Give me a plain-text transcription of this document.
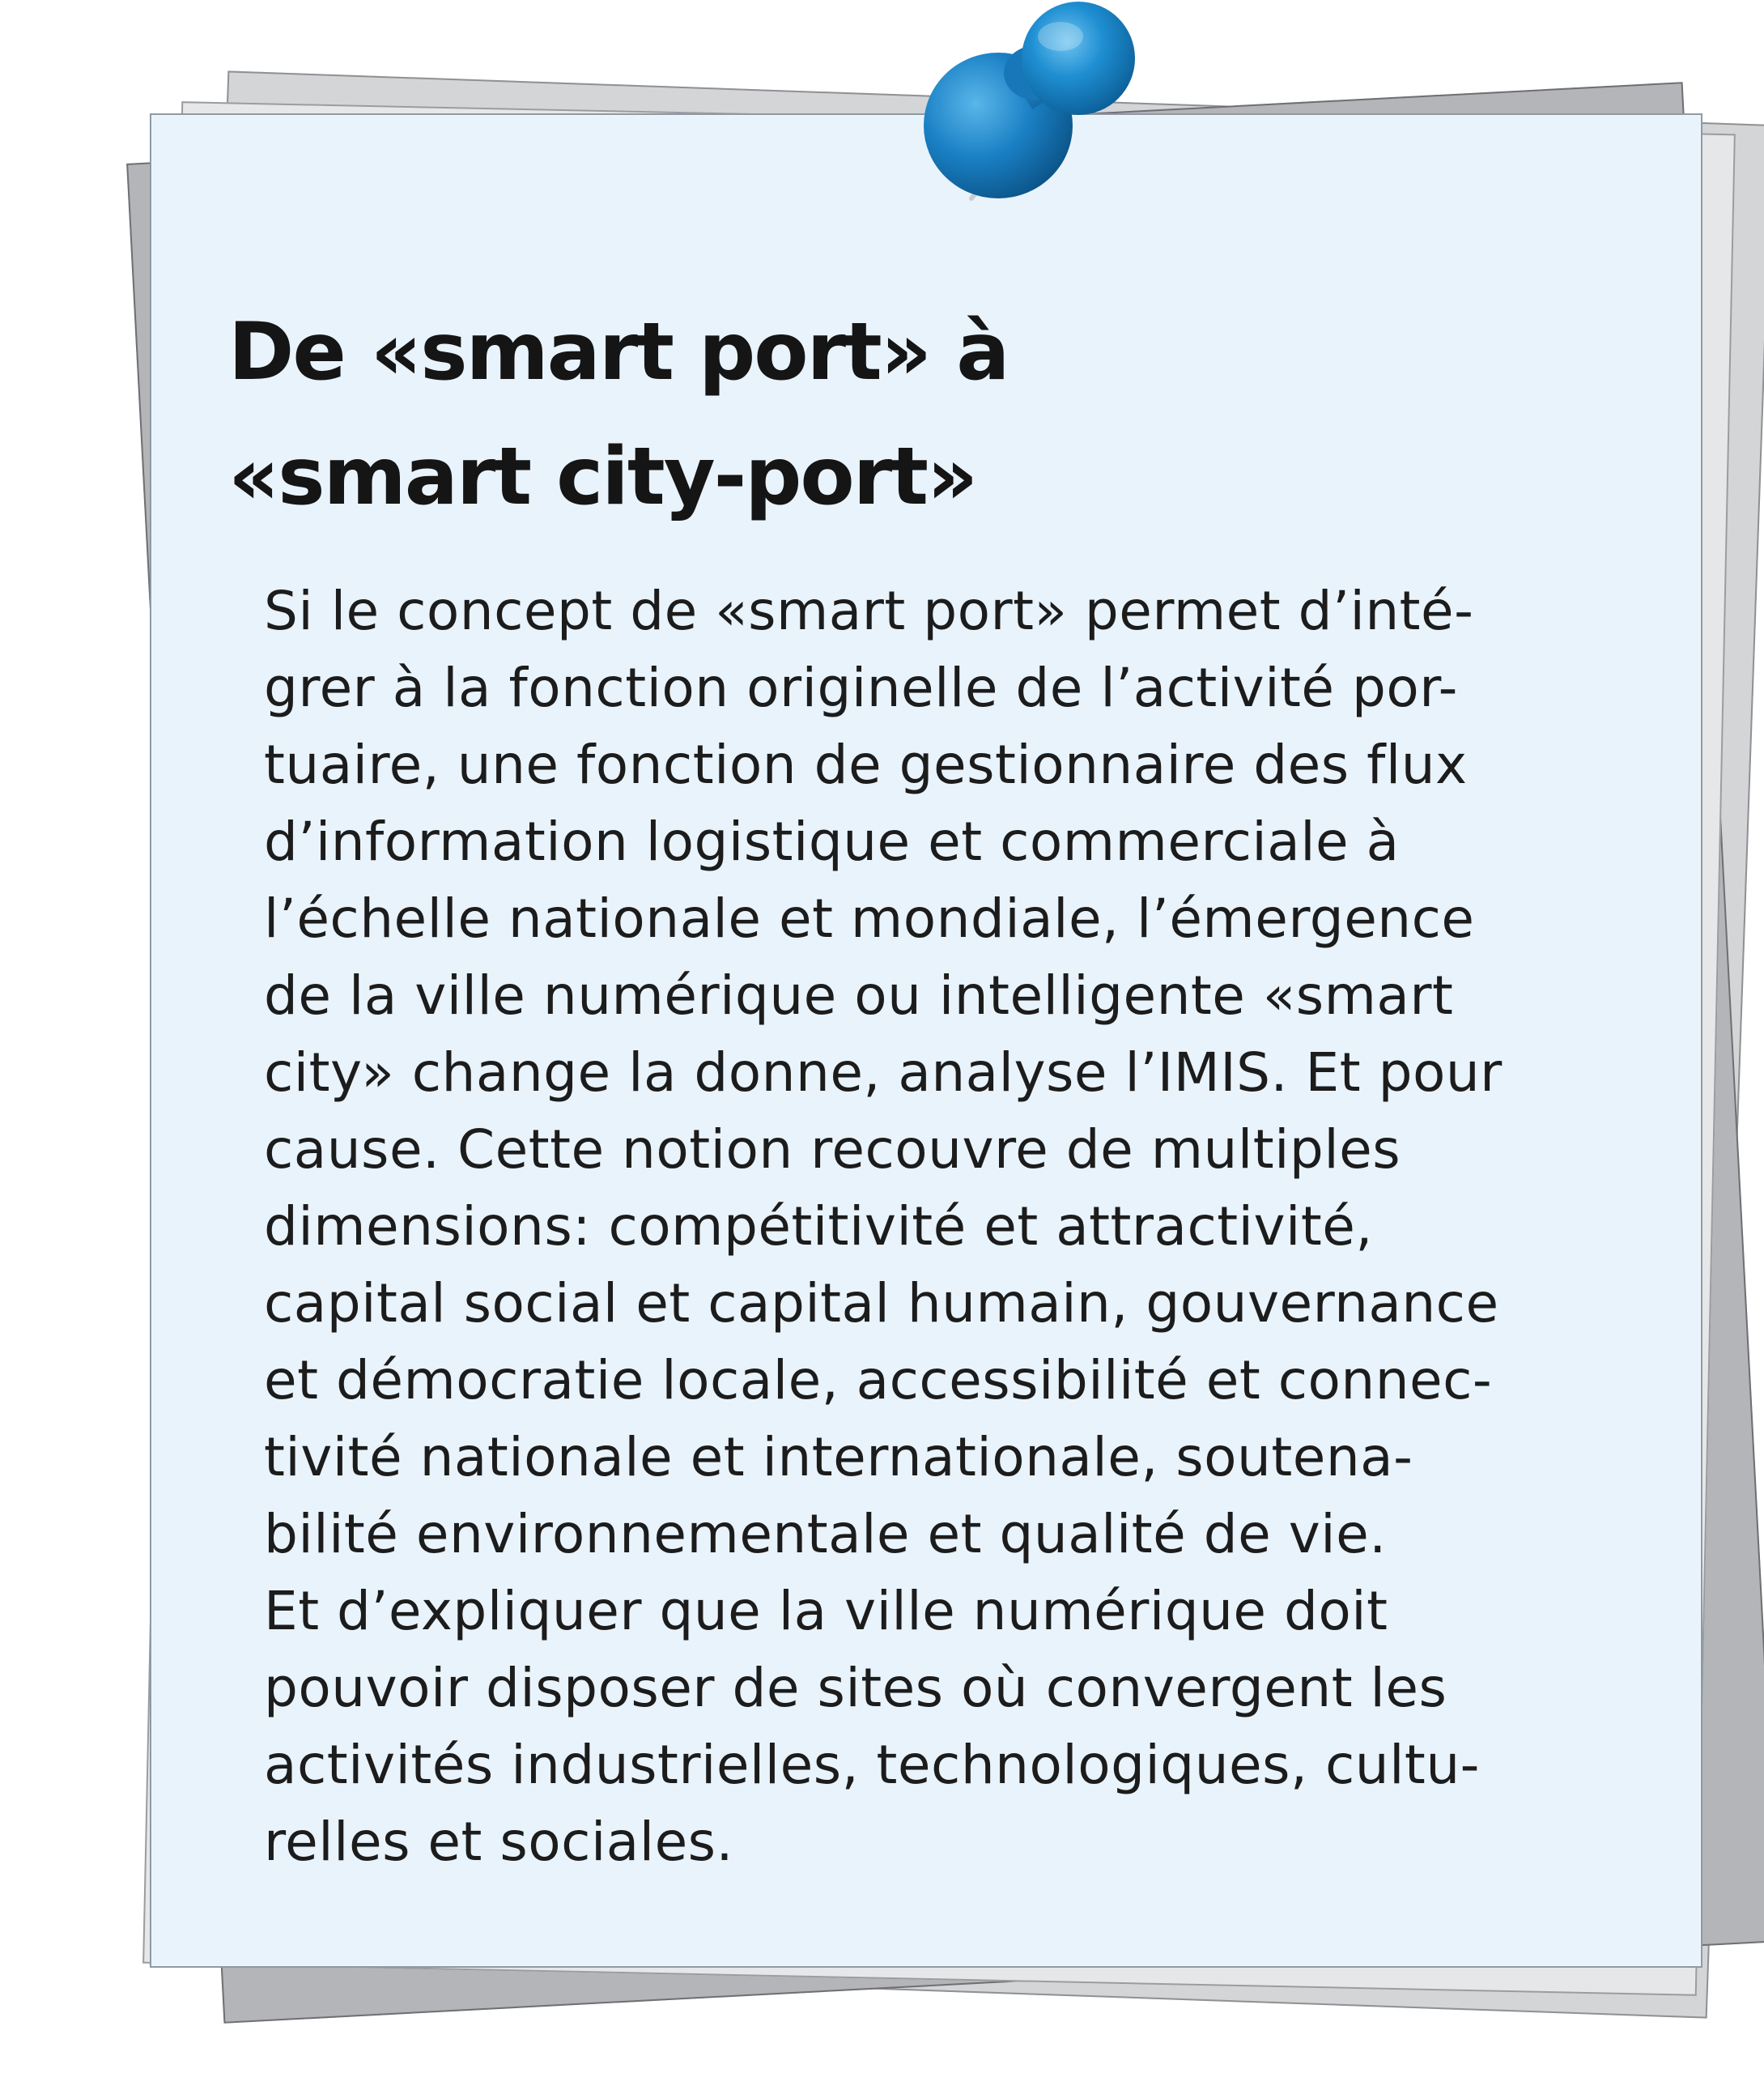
De «smart port» à
«smart city-port»
Si le concept de «smart port» permet d’inté-
grer à la fonction originelle de l’activité por-
tuaire, une fonction de gestionnaire des flux
d’information logistique et commerciale à
l’échelle nationale et mondiale, l’émergence
de la ville numérique ou intelligente «smart
city» change la donne, analyse l’IMIS. Et pour
cause. Cette notion recouvre de multiples
dimensions: compétitivité et attractivité,
capital social et capital humain, gouvernance
et démocratie locale, accessibilité et connec-
tivité nationale et internationale, soutena-
bilité environnementale et qualité de vie.
Et d’expliquer que la ville numérique doit
pouvoir disposer de sites où convergent les
activités industrielles, technologiques, cultu-
relles et sociales.
